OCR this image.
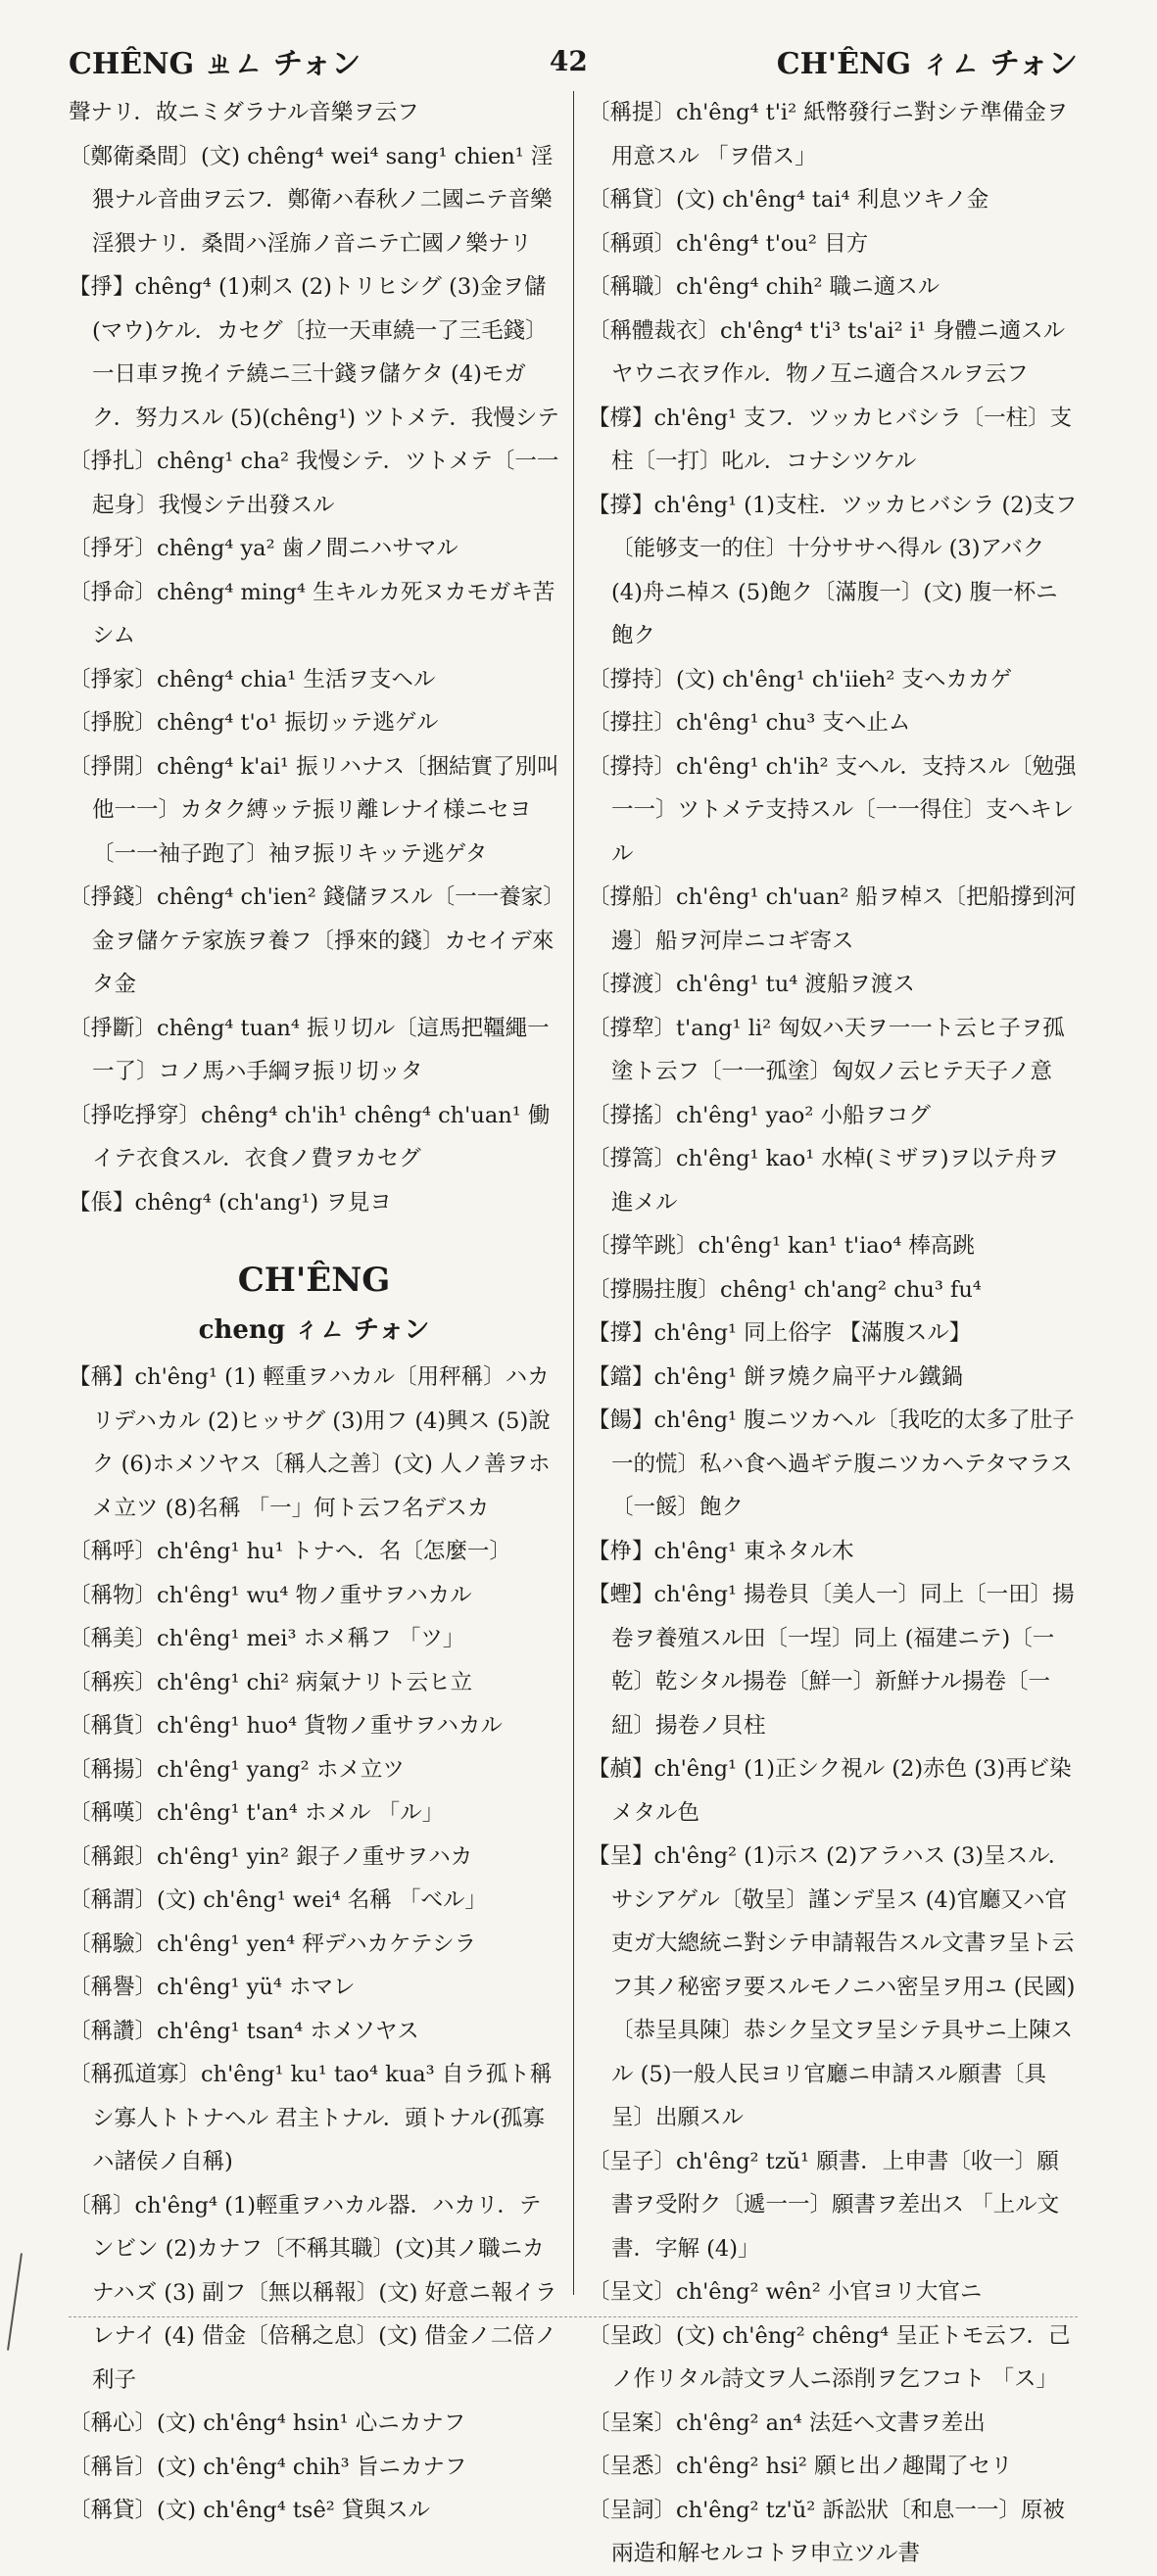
CHÊNG ㄓㄥ チォン	42	CH'ÊNG ㄔㄥ チォン

聲ナリ．故ニミダラナル音樂ヲ云フ

〔鄭衛桑間〕(文) chêng⁴ wei⁴ sang¹ chien¹ 淫猥ナル音曲ヲ云フ．鄭衛ハ春秋ノ二國ニテ音樂淫猥ナリ．桑間ハ淫旆ノ音ニテ亡國ノ樂ナリ

【掙】chêng⁴ (1)刺ス (2)トリヒシグ (3)金ヲ儲(マウ)ケル．カセグ〔拉一天車繞一了三毛錢〕一日車ヲ挽イテ繞ニ三十錢ヲ儲ケタ (4)モガク．努力スル (5)(chêng¹) ツトメテ．我慢シテ

〔掙扎〕chêng¹ cha² 我慢シテ．ツトメテ〔一一起身〕我慢シテ出發スル

〔掙牙〕chêng⁴ ya² 歯ノ間ニハサマル

〔掙命〕chêng⁴ ming⁴ 生キルカ死ヌカモガキ苦シム

〔掙家〕chêng⁴ chia¹ 生活ヲ支ヘル

〔掙脫〕chêng⁴ t'o¹ 振切ッテ逃ゲル

〔掙開〕chêng⁴ k'ai¹ 振リハナス〔捆結實了別叫他一一〕カタク縛ッテ振リ離レナイ様ニセヨ〔一一袖子跑了〕袖ヲ振リキッテ逃ゲタ

〔掙錢〕chêng⁴ ch'ien² 錢儲ヲスル〔一一養家〕金ヲ儲ケテ家族ヲ養フ〔掙來的錢〕カセイデ來タ金

〔掙斷〕chêng⁴ tuan⁴ 振リ切ル〔這馬把韁繩一一了〕コノ馬ハ手綱ヲ振リ切ッタ

〔掙吃掙穿〕chêng⁴ ch'ih¹ chêng⁴ ch'uan¹ 働イテ衣食スル．衣食ノ費ヲカセグ

【倀】chêng⁴ (ch'ang¹) ヲ見ヨ

CH'ÊNG
cheng ㄔㄥ チォン

【稱】ch'êng¹ (1) 輕重ヲハカル〔用秤稱〕ハカリデハカル (2)ヒッサグ (3)用フ (4)興ス (5)說ク (6)ホメソヤス〔稱人之善〕(文) 人ノ善ヲホメ立ツ (8)名稱 「一」何ト云フ名デスカ

〔稱呼〕ch'êng¹ hu¹ トナヘ．名〔怎麼一〕

〔稱物〕ch'êng¹ wu⁴ 物ノ重サヲハカル

〔稱美〕ch'êng¹ mei³ ホメ稱フ 「ツ」

〔稱疾〕ch'êng¹ chi² 病氣ナリト云ヒ立

〔稱貨〕ch'êng¹ huo⁴ 貨物ノ重サヲハカル

〔稱揚〕ch'êng¹ yang² ホメ立ツ

〔稱嘆〕ch'êng¹ t'an⁴ ホメル 「ル」

〔稱銀〕ch'êng¹ yin² 銀子ノ重サヲハカ

〔稱謂〕(文) ch'êng¹ wei⁴ 名稱 「べル」

〔稱驗〕ch'êng¹ yen⁴ 秤デハカケテシラ

〔稱譽〕ch'êng¹ yü⁴ ホマレ

〔稱讚〕ch'êng¹ tsan⁴ ホメソヤス

〔稱孤道寡〕ch'êng¹ ku¹ tao⁴ kua³ 自ラ孤ト稱シ寡人トトナヘル 君主トナル．頭トナル(孤寡ハ諸侯ノ自稱)

〔稱〕ch'êng⁴ (1)輕重ヲハカル器．ハカリ．テンビン (2)カナフ〔不稱其職〕(文)其ノ職ニカナハズ (3) 副フ〔無以稱報〕(文) 好意ニ報イラレナイ (4) 借金〔倍稱之息〕(文) 借金ノ二倍ノ利子

〔稱心〕(文) ch'êng⁴ hsin¹ 心ニカナフ

〔稱旨〕(文) ch'êng⁴ chih³ 旨ニカナフ

〔稱貸〕(文) ch'êng⁴ tsê² 貸與スル

〔稱提〕ch'êng⁴ t'i² 紙幣發行ニ對シテ準備金ヲ用意スル 「ヲ借ス」

〔稱貸〕(文) ch'êng⁴ tai⁴ 利息ツキノ金

〔稱頭〕ch'êng⁴ t'ou² 目方

〔稱職〕ch'êng⁴ chih² 職ニ適スル

〔稱體裁衣〕ch'êng⁴ t'i³ ts'ai² i¹ 身體ニ適スルヤウニ衣ヲ作ル．物ノ互ニ適合スルヲ云フ

【橕】ch'êng¹ 支フ．ツッカヒバシラ〔一柱〕支柱〔一打〕叱ル．コナシツケル

【撐】ch'êng¹ (1)支柱．ツッカヒバシラ (2)支フ〔能够支一的住〕十分ササヘ得ル (3)アバク (4)舟ニ棹ス (5)飽ク〔滿腹一〕(文) 腹一杯ニ飽ク

〔撐持〕(文) ch'êng¹ ch'iieh² 支ヘカカゲ

〔撐拄〕ch'êng¹ chu³ 支ヘ止ム

〔撐持〕ch'êng¹ ch'ih² 支ヘル．支持スル〔勉强一一〕ツトメテ支持スル〔一一得住〕支ヘキレル

〔撐船〕ch'êng¹ ch'uan² 船ヲ棹ス〔把船撐到河邊〕船ヲ河岸ニコギ寄ス

〔撐渡〕ch'êng¹ tu⁴ 渡船ヲ渡ス

〔撐犂〕t'ang¹ li² 匈奴ハ天ヲ一一ト云ヒ子ヲ孤塗ト云フ〔一一孤塗〕匈奴ノ云ヒテ天子ノ意

〔撐搖〕ch'êng¹ yao² 小船ヲコグ

〔撐篙〕ch'êng¹ kao¹ 水棹(ミザヲ)ヲ以テ舟ヲ進メル

〔撐竿跳〕ch'êng¹ kan¹ t'iao⁴ 棒高跳

〔撐腸拄腹〕chêng¹ ch'ang² chu³ fu⁴

【撐】ch'êng¹ 同上俗字 【滿腹スル】

【鐺】ch'êng¹ 餅ヲ燒ク扁平ナル鐵鍋

【餳】ch'êng¹ 腹ニツカヘル〔我吃的太多了肚子一的慌〕私ハ食ヘ過ギテ腹ニツカヘテタマラス〔一餒〕飽ク

【棦】ch'êng¹ 東ネタル木

【蟶】ch'êng¹ 揚卷貝〔美人一〕同上〔一田〕揚卷ヲ養殖スル田〔一埕〕同上 (福建ニテ)〔一乾〕乾シタル揚卷〔鮮一〕新鮮ナル揚卷〔一紐〕揚卷ノ貝柱

【赬】ch'êng¹ (1)正シク視ル (2)赤色 (3)再ビ染メタル色

【呈】ch'êng² (1)示ス (2)アラハス (3)呈スル．サシアゲル〔敬呈〕謹ンデ呈ス (4)官廳又ハ官吏ガ大總統ニ對シテ申請報告スル文書ヲ呈ト云フ其ノ秘密ヲ要スルモノニハ密呈ヲ用ユ (民國)〔恭呈具陳〕恭シク呈文ヲ呈シテ具サニ上陳スル (5)一般人民ヨリ官廳ニ申請スル願書〔具呈〕出願スル

〔呈子〕ch'êng² tzŭ¹ 願書．上申書〔收一〕願書ヲ受附ク〔遞一一〕願書ヲ差出ス 「上ル文書．字解 (4)」

〔呈文〕ch'êng² wên² 小官ヨリ大官ニ

〔呈政〕(文) ch'êng² chêng⁴ 呈正トモ云フ．己ノ作リタル詩文ヲ人ニ添削ヲ乞フコト 「ス」

〔呈案〕ch'êng² an⁴ 法廷ヘ文書ヲ差出

〔呈悉〕ch'êng² hsi² 願ヒ出ノ趣聞了セリ

〔呈詞〕ch'êng² tz'ŭ² 訴訟狀〔和息一一〕原被兩造和解セルコトヲ申立ツル書
